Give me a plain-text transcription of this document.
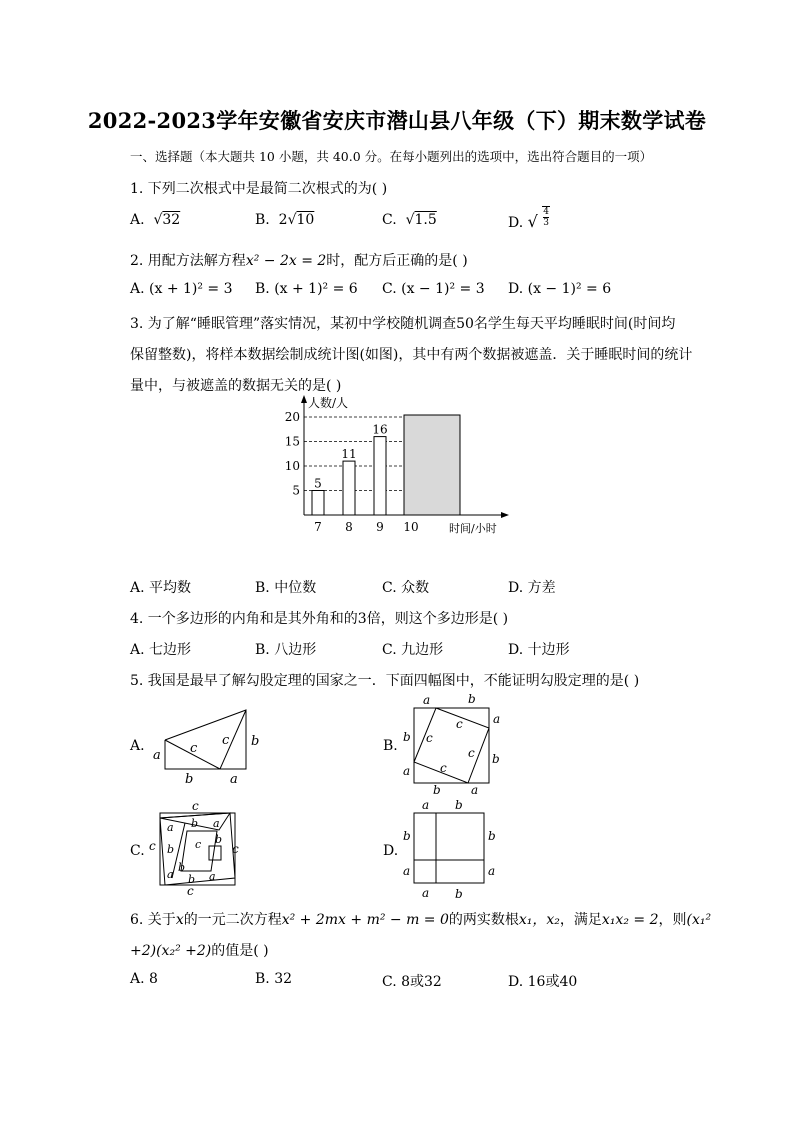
2022-2023学年安徽省安庆市潜山县八年级（下）期末数学试卷
一、选择题（本大题共 10 小题，共 40.0 分。在每小题列出的选项中，选出符合题目的一项）
1. 下列二次根式中是最简二次根式的为( )
A.  √32	B. 2√10	C.  √1.5	D. √ $\frac{4}{3}$
2. 用配方法解方程x² − 2x = 2时，配方后正确的是( )
A. (x + 1)² = 3 B. (x + 1)² = 6 C. (x − 1)² = 3 D. (x − 1)² = 6
3. 为了解“睡眠管理”落实情况，某初中学校随机调查50名学生每天平均睡眠时间(时间均
保留整数)，将样本数据绘制成统计图(如图)，其中有两个数据被遮盖．关于睡眠时间的统计
量中，与被遮盖的数据无关的是( )
人数/人
时间/小时
5
10
15
20
7
5
8
11
9
16
10
A. 平均数	B. 中位数	C. 众数	D. 方差
4. 一个多边形的内角和是其外角和的3倍，则这个多边形是( )
A. 七边形	B. 八边形	C. 九边形	D. 十边形
5. 我国是最早了解勾股定理的国家之一．下面四幅图中，不能证明勾股定理的是( )
A.
a
b	a
b
c
c	B.
a	b
a
b
b	a
b
a
c
c
c
c
C.
c
c	c
c
a b a
b c b
b
a b a
D.
a b
b
a
b
a
a b
6. 关于x的一元二次方程x² + 2mx + m² − m = 0的两实数根x₁，x₂，满足x₁x₂ = 2，则(x₁²
+2)(x₂² +2)的值是( )
A. 8	B. 32	C. 8或32	D. 16或40
